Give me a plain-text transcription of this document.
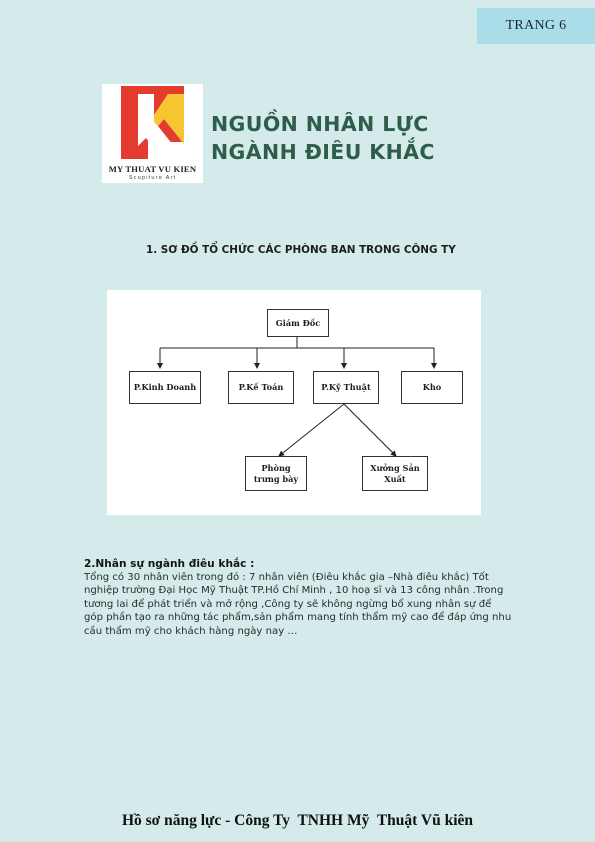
TRANG 6
MY THUAT VU KIEN
Scupiture Art
NGUỒN NHÂN LỰC
NGÀNH ĐIÊU KHẮC
1. SƠ ĐỒ TỔ CHỨC CÁC PHÒNG BAN TRONG CÔNG TY
Giám Đốc
P.Kinh Doanh	P.Kế Toán	P.Kỹ Thuật	Kho
Phòng trưng bày
Xưởng Sản Xuất
2.Nhân sự ngành điêu khắc :
Tổng có 30 nhân viên trong đó : 7 nhân viên (Điêu khắc gia –Nhà điêu khắc) Tốt
nghiệp trường Đại Học Mỹ Thuật TP.Hồ Chí Minh , 10 hoạ sĩ và 13 công nhân .Trong
tương lai để phát triển và mở rộng ,Công ty sẽ không ngừng bổ xung nhân sự để
góp phần tạo ra những tác phẩm,sản phẩm mang tính thẩm mỹ cao để đáp ứng nhu
cầu thẩm mỹ cho khách hàng ngày nay …
Hồ sơ năng lực - Công Ty  TNHH Mỹ  Thuật Vũ kiên
